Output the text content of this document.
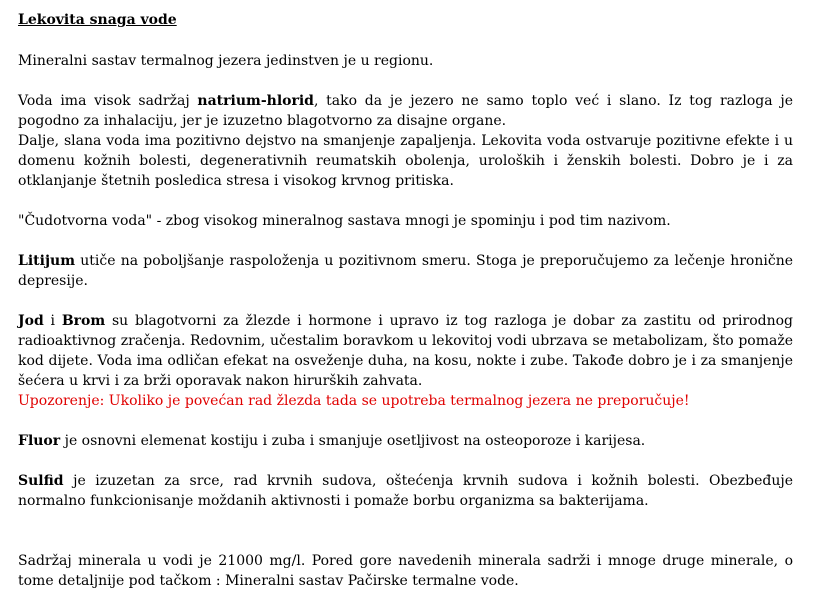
Lekovita snaga vode

Mineralni sastav termalnog jezera jedinstven je u regionu.

Voda ima visok sadržaj natrium-hlorid, tako da je jezero ne samo toplo već i slano. Iz tog razloga je pogodno za inhalaciju, jer je izuzetno blagotvorno za disajne organe.

Dalje, slana voda ima pozitivno dejstvo na smanjenje zapaljenja. Lekovita voda ostvaruje pozitivne efekte i u domenu kožnih bolesti, degenerativnih reumatskih obolenja, uroloških i ženskih bolesti. Dobro je i za otklanjanje štetnih posledica stresa i visokog krvnog pritiska.

"Čudotvorna voda" - zbog visokog mineralnog sastava mnogi je spominju i pod tim nazivom.

Litijum utiče na poboljšanje raspoloženja u pozitivnom smeru. Stoga je preporučujemo za lečenje hronične depresije.

Jod i Brom su blagotvorni za žlezde i hormone i upravo iz tog razloga je dobar za zastitu od prirodnog radioaktivnog zračenja. Redovnim, učestalim boravkom u lekovitoj vodi ubrzava se metabolizam, što pomaže kod dijete. Voda ima odličan efekat na osveženje duha, na kosu, nokte i zube. Takođe dobro je i za smanjenje šećera u krvi i za brži oporavak nakon hirurških zahvata.

Upozorenje: Ukoliko je povećan rad žlezda tada se upotreba termalnog jezera ne preporučuje!

Fluor je osnovni elemenat kostiju i zuba i smanjuje osetljivost na osteoporoze i karijesa.

Sulfid je izuzetan za srce, rad krvnih sudova, oštećenja krvnih sudova i kožnih bolesti. Obezbeđuje normalno funkcionisanje moždanih aktivnosti i pomaže borbu organizma sa bakterijama.

Sadržaj minerala u vodi je 21000 mg/l. Pored gore navedenih minerala sadrži i mnoge druge minerale, o tome detaljnije pod tačkom : Mineralni sastav Pačirske termalne vode.
